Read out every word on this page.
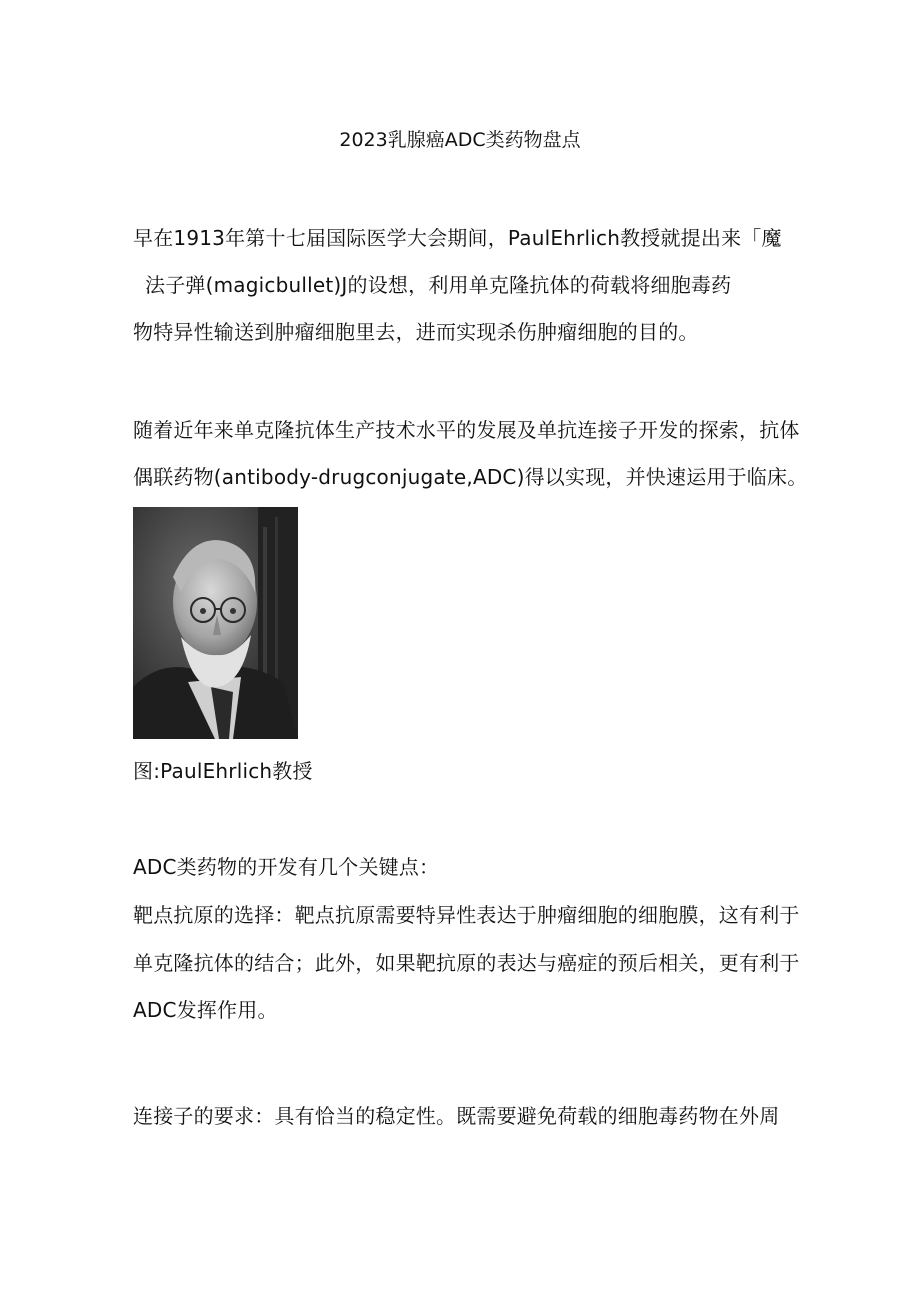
2023乳腺癌ADC类药物盘点
早在1913年第十七届国际医学大会期间，PaulEhrlich教授就提出来「魔
法子弹(magicbullet)J的设想，利用单克隆抗体的荷载将细胞毒药
物特异性输送到肿瘤细胞里去，进而实现杀伤肿瘤细胞的目的。
随着近年来单克隆抗体生产技术水平的发展及单抗连接子开发的探索，抗体
偶联药物(antibody-drugconjugate,ADC)得以实现，并快速运用于临床。
图:PaulEhrlich教授
ADC类药物的开发有几个关键点：
靶点抗原的选择：靶点抗原需要特异性表达于肿瘤细胞的细胞膜，这有利于
单克隆抗体的结合；此外，如果靶抗原的表达与癌症的预后相关，更有利于
ADC发挥作用。
连接子的要求：具有恰当的稳定性。既需要避免荷载的细胞毒药物在外周
